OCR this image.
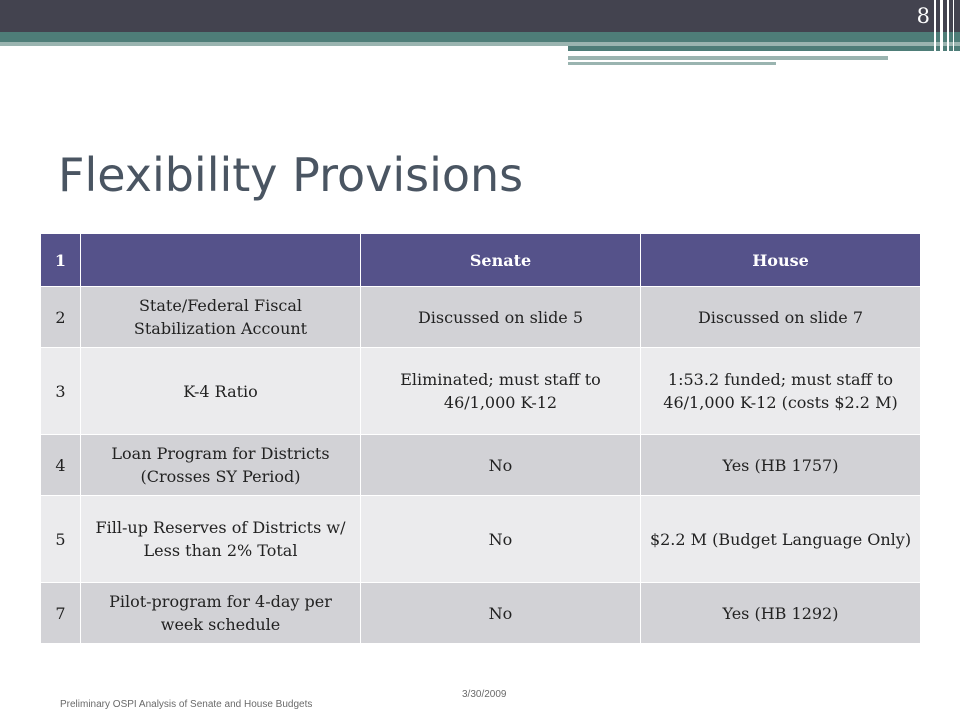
8
Flexibility Provisions
1		Senate	House
2	State/Federal Fiscal Stabilization Account	Discussed on slide 5	Discussed on slide 7
3	K-4 Ratio	Eliminated; must staff to 46/1,000 K-12	1:53.2 funded; must staff to 46/1,000 K-12 (costs $2.2 M)
4	Loan Program for Districts (Crosses SY Period)	No	Yes (HB 1757)
5	Fill-up Reserves of Districts w/ Less than 2% Total	No	$2.2 M (Budget Language Only)
7	Pilot-program for 4-day per week schedule	No	Yes (HB 1292)
3/30/2009
Preliminary OSPI Analysis of Senate and House Budgets
